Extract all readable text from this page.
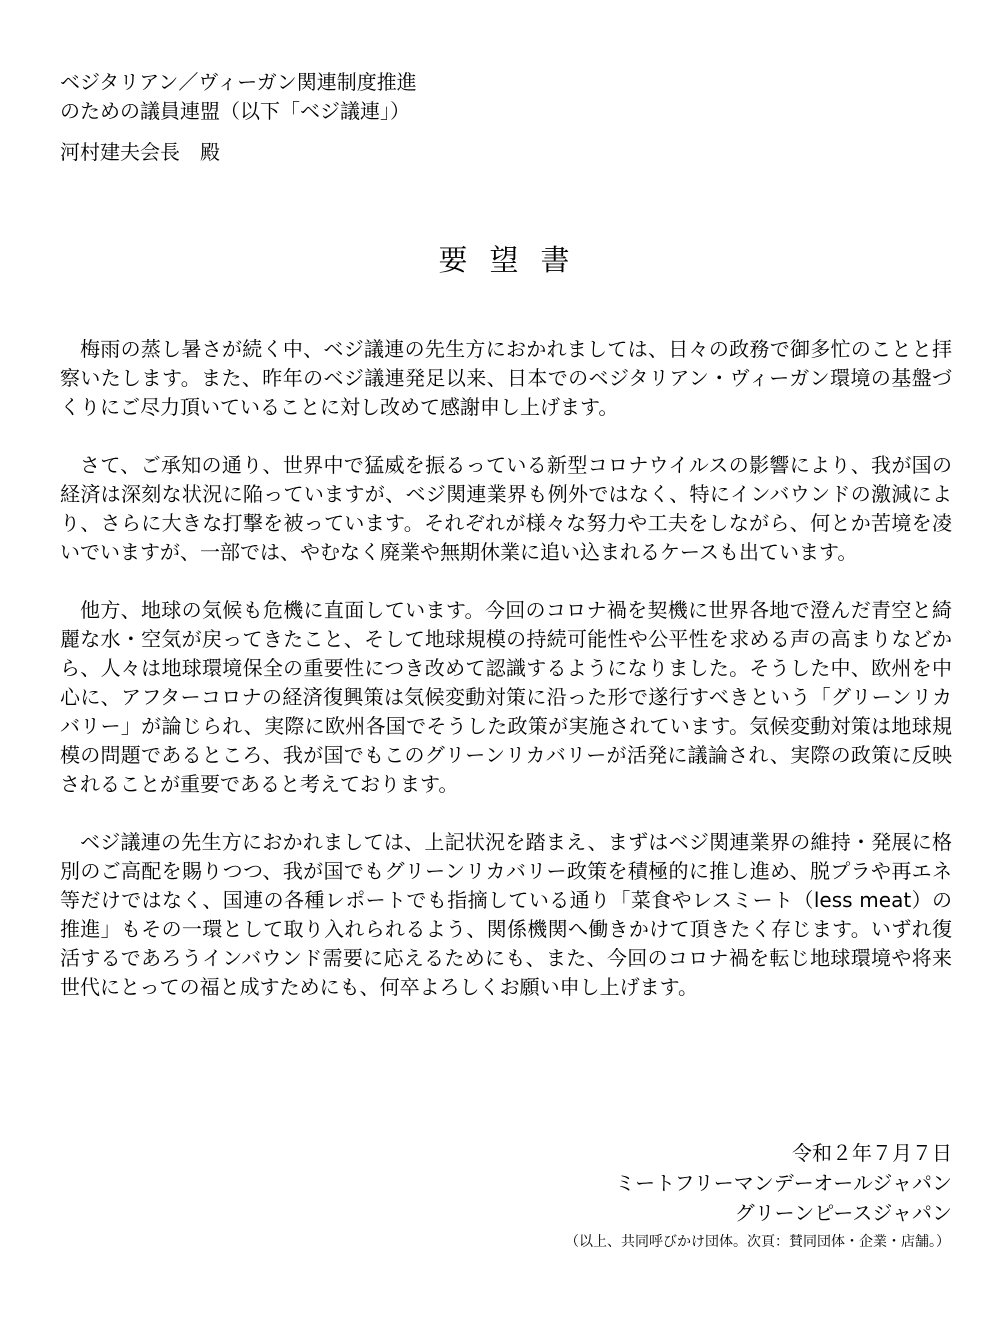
ベジタリアン／ヴィーガン関連制度推進
のための議員連盟（以下「ベジ議連」）
河村建夫会長　殿
要望書

梅雨の蒸し暑さが続く中、ベジ議連の先生方におかれましては、日々の政務で御多忙のことと拝察いたします。また、昨年のベジ議連発足以来、日本でのベジタリアン・ヴィーガン環境の基盤づくりにご尽力頂いていることに対し改めて感謝申し上げます。

さて、ご承知の通り、世界中で猛威を振るっている新型コロナウイルスの影響により、我が国の経済は深刻な状況に陥っていますが、ベジ関連業界も例外ではなく、特にインバウンドの激減により、さらに大きな打撃を被っています。それぞれが様々な努力や工夫をしながら、何とか苦境を凌いでいますが、一部では、やむなく廃業や無期休業に追い込まれるケースも出ています。

他方、地球の気候も危機に直面しています。今回のコロナ禍を契機に世界各地で澄んだ青空と綺麗な水・空気が戻ってきたこと、そして地球規模の持続可能性や公平性を求める声の高まりなどから、人々は地球環境保全の重要性につき改めて認識するようになりました。そうした中、欧州を中心に、アフターコロナの経済復興策は気候変動対策に沿った形で遂行すべきという「グリーンリカバリー」が論じられ、実際に欧州各国でそうした政策が実施されています。気候変動対策は地球規模の問題であるところ、我が国でもこのグリーンリカバリーが活発に議論され、実際の政策に反映されることが重要であると考えております。

ベジ議連の先生方におかれましては、上記状況を踏まえ、まずはベジ関連業界の維持・発展に格別のご高配を賜りつつ、我が国でもグリーンリカバリー政策を積極的に推し進め、脱プラや再エネ等だけではなく、国連の各種レポートでも指摘している通り「菜食やレスミート（less meat）の推進」もその一環として取り入れられるよう、関係機関へ働きかけて頂きたく存じます。いずれ復活するであろうインバウンド需要に応えるためにも、また、今回のコロナ禍を転じ地球環境や将来世代にとっての福と成すためにも、何卒よろしくお願い申し上げます。

令和２年７月７日
ミートフリーマンデーオールジャパン
グリーンピースジャパン
（以上、共同呼びかけ団体。次頁：賛同団体・企業・店舗。）
